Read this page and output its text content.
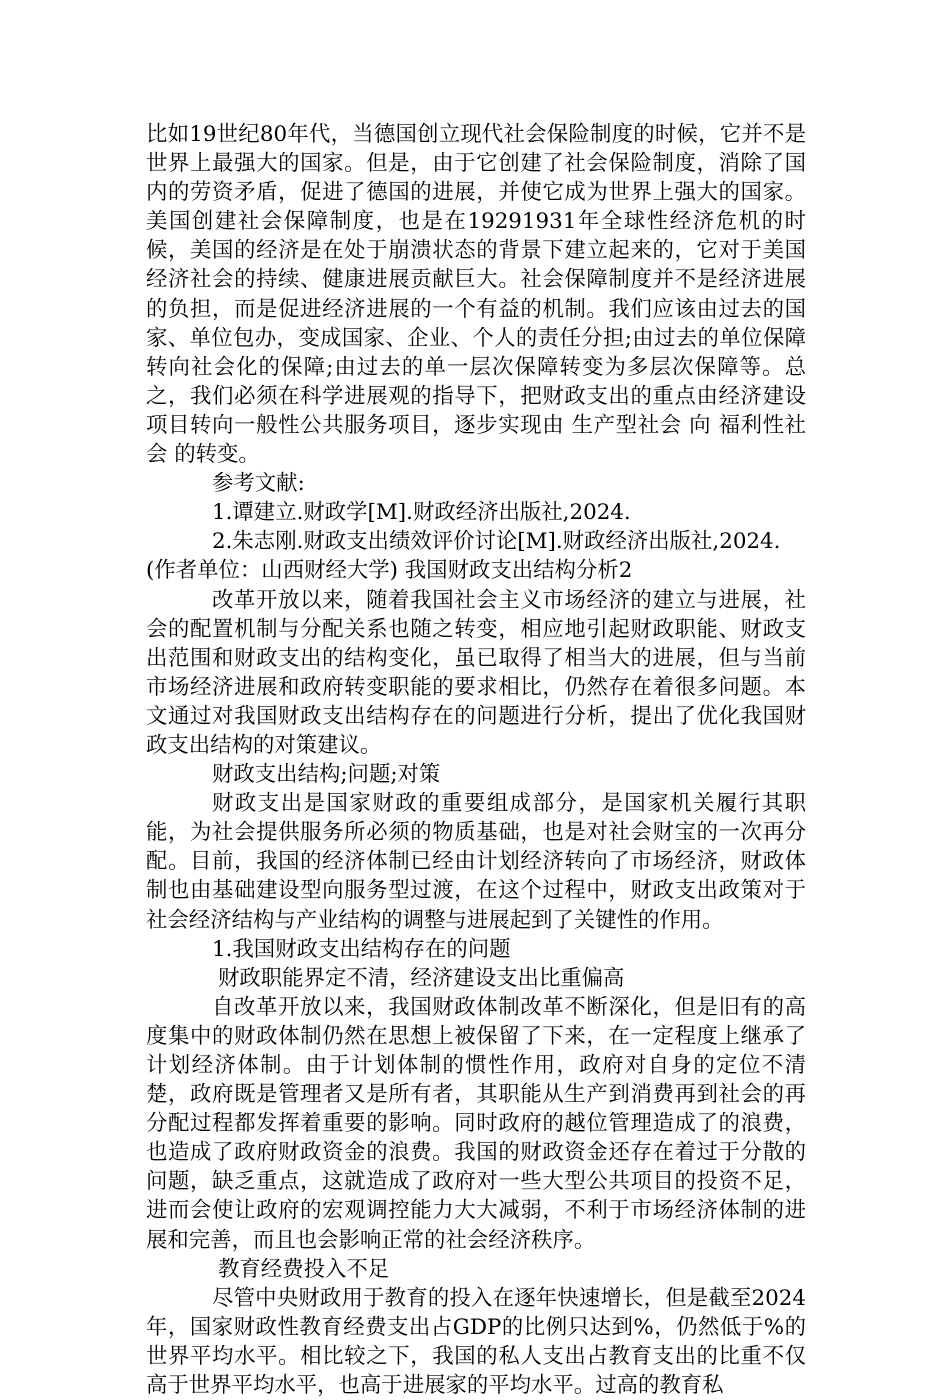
比如19世纪80年代，当德国创立现代社会保险制度的时候，它并不是世界上最强大的国家。但是，由于它创建了社会保险制度，消除了国内的劳资矛盾，促进了德国的进展，并使它成为世界上强大的国家。美国创建社会保障制度，也是在19291931年全球性经济危机的时候，美国的经济是在处于崩溃状态的背景下建立起来的，它对于美国经济社会的持续、健康进展贡献巨大。社会保障制度并不是经济进展的负担，而是促进经济进展的一个有益的机制。我们应该由过去的国家、单位包办，变成国家、企业、个人的责任分担;由过去的单位保障转向社会化的保障;由过去的单一层次保障转变为多层次保障等。总之，我们必须在科学进展观的指导下，把财政支出的重点由经济建设项目转向一般性公共服务项目，逐步实现由 生产型社会 向 福利性社会 的转变。

参考文献:

1.谭建立.财政学[M].财政经济出版社,2024.

2.朱志刚.财政支出绩效评价讨论[M].财政经济出版社,2024.

(作者单位：山西财经大学) 我国财政支出结构分析2

改革开放以来，随着我国社会主义市场经济的建立与进展，社会的配置机制与分配关系也随之转变，相应地引起财政职能、财政支出范围和财政支出的结构变化，虽已取得了相当大的进展，但与当前市场经济进展和政府转变职能的要求相比，仍然存在着很多问题。本文通过对我国财政支出结构存在的问题进行分析，提出了优化我国财政支出结构的对策建议。

财政支出结构;问题;对策

财政支出是国家财政的重要组成部分，是国家机关履行其职能，为社会提供服务所必须的物质基础，也是对社会财宝的一次再分配。目前，我国的经济体制已经由计划经济转向了市场经济，财政体制也由基础建设型向服务型过渡，在这个过程中，财政支出政策对于社会经济结构与产业结构的调整与进展起到了关键性的作用。

1.我国财政支出结构存在的问题

财政职能界定不清，经济建设支出比重偏高

自改革开放以来，我国财政体制改革不断深化，但是旧有的高度集中的财政体制仍然在思想上被保留了下来，在一定程度上继承了计划经济体制。由于计划体制的惯性作用，政府对自身的定位不清楚，政府既是管理者又是所有者，其职能从生产到消费再到社会的再分配过程都发挥着重要的影响。同时政府的越位管理造成了的浪费，也造成了政府财政资金的浪费。我国的财政资金还存在着过于分散的问题，缺乏重点，这就造成了政府对一些大型公共项目的投资不足，进而会使让政府的宏观调控能力大大减弱，不利于市场经济体制的进展和完善，而且也会影响正常的社会经济秩序。

教育经费投入不足

尽管中央财政用于教育的投入在逐年快速增长，但是截至2024年，国家财政性教育经费支出占GDP的比例只达到%，仍然低于%的世界平均水平。相比较之下，我国的私人支出占教育支出的比重不仅高于世界平均水平，也高于进展家的平均水平。过高的教育私
